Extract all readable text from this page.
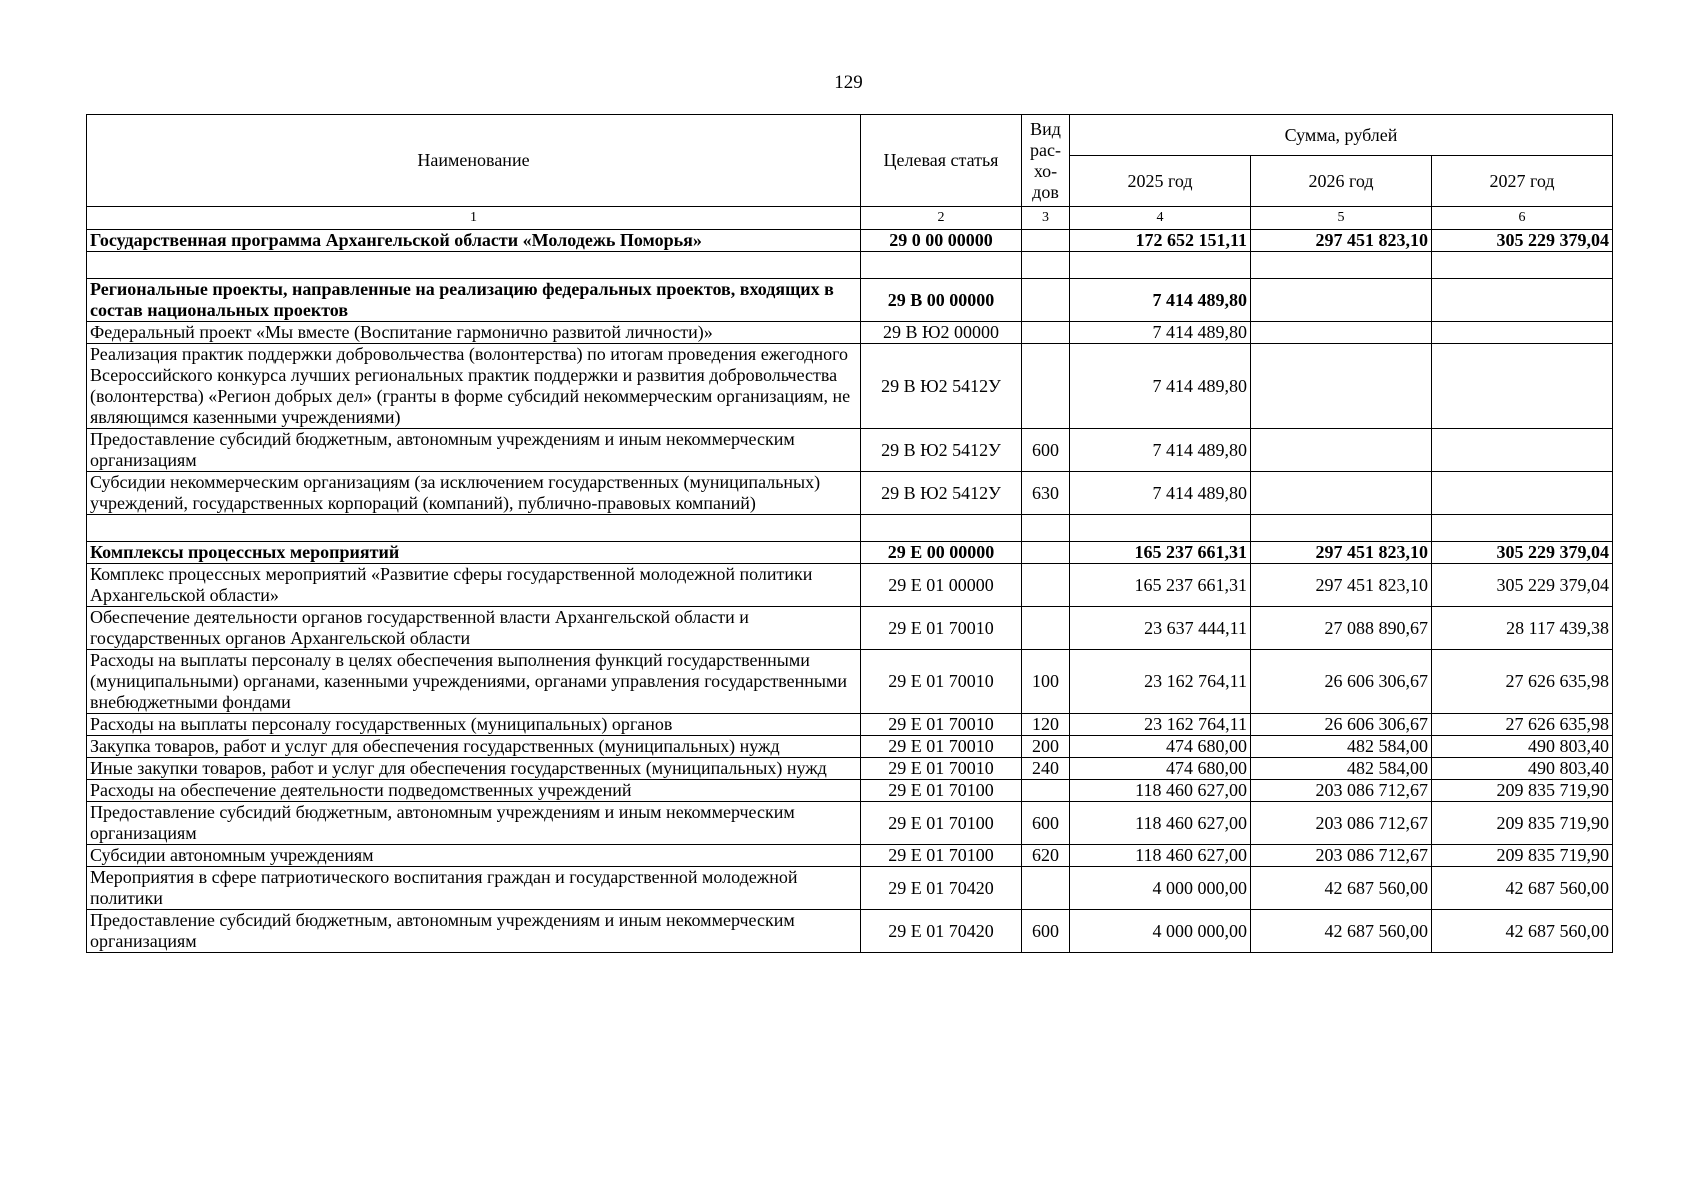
129
Наименование	Целевая статья	Вид рас-хо-дов	Сумма, рублей		
			2025 год	2026 год	2027 год
1	2	3	4	5	6
Государственная программа Архангельской области «Молодежь Поморья»	29 0 00 00000		172 652 151,11	297 451 823,10	305 229 379,04

Региональные проекты, направленные на реализацию федеральных проектов, входящих в состав национальных проектов	29 В 00 00000		7 414 489,80		
Федеральный проект «Мы вместе (Воспитание гармонично развитой личности)»	29 В Ю2 00000		7 414 489,80		
Реализация практик поддержки добровольчества (волонтерства) по итогам проведения ежегодного Всероссийского конкурса лучших региональных практик поддержки и развития добровольчества (волонтерства) «Регион добрых дел» (гранты в форме субсидий некоммерческим организациям, не являющимся казенными учреждениями)	29 В Ю2 5412У		7 414 489,80		
Предоставление субсидий бюджетным, автономным учреждениям и иным некоммерческим организациям	29 В Ю2 5412У	600	7 414 489,80		
Субсидии некоммерческим организациям (за исключением государственных (муниципальных) учреждений, государственных корпораций (компаний), публично-правовых компаний)	29 В Ю2 5412У	630	7 414 489,80		

Комплексы процессных мероприятий	29 Е 00 00000		165 237 661,31	297 451 823,10	305 229 379,04
Комплекс процессных мероприятий «Развитие сферы государственной молодежной политики Архангельской области»	29 Е 01 00000		165 237 661,31	297 451 823,10	305 229 379,04
Обеспечение деятельности органов государственной власти Архангельской области и государственных органов Архангельской области	29 Е 01 70010		23 637 444,11	27 088 890,67	28 117 439,38
Расходы на выплаты персоналу в целях обеспечения выполнения функций государственными (муниципальными) органами, казенными учреждениями, органами управления государственными внебюджетными фондами	29 Е 01 70010	100	23 162 764,11	26 606 306,67	27 626 635,98
Расходы на выплаты персоналу государственных (муниципальных) органов	29 Е 01 70010	120	23 162 764,11	26 606 306,67	27 626 635,98
Закупка товаров, работ и услуг для обеспечения государственных (муниципальных) нужд	29 Е 01 70010	200	474 680,00	482 584,00	490 803,40
Иные закупки товаров, работ и услуг для обеспечения государственных (муниципальных) нужд	29 Е 01 70010	240	474 680,00	482 584,00	490 803,40
Расходы на обеспечение деятельности подведомственных учреждений	29 Е 01 70100		118 460 627,00	203 086 712,67	209 835 719,90
Предоставление субсидий бюджетным, автономным учреждениям и иным некоммерческим организациям	29 Е 01 70100	600	118 460 627,00	203 086 712,67	209 835 719,90
Субсидии автономным учреждениям	29 Е 01 70100	620	118 460 627,00	203 086 712,67	209 835 719,90
Мероприятия в сфере патриотического воспитания граждан и государственной молодежной политики	29 Е 01 70420		4 000 000,00	42 687 560,00	42 687 560,00
Предоставление субсидий бюджетным, автономным учреждениям и иным некоммерческим организациям	29 Е 01 70420	600	4 000 000,00	42 687 560,00	42 687 560,00
